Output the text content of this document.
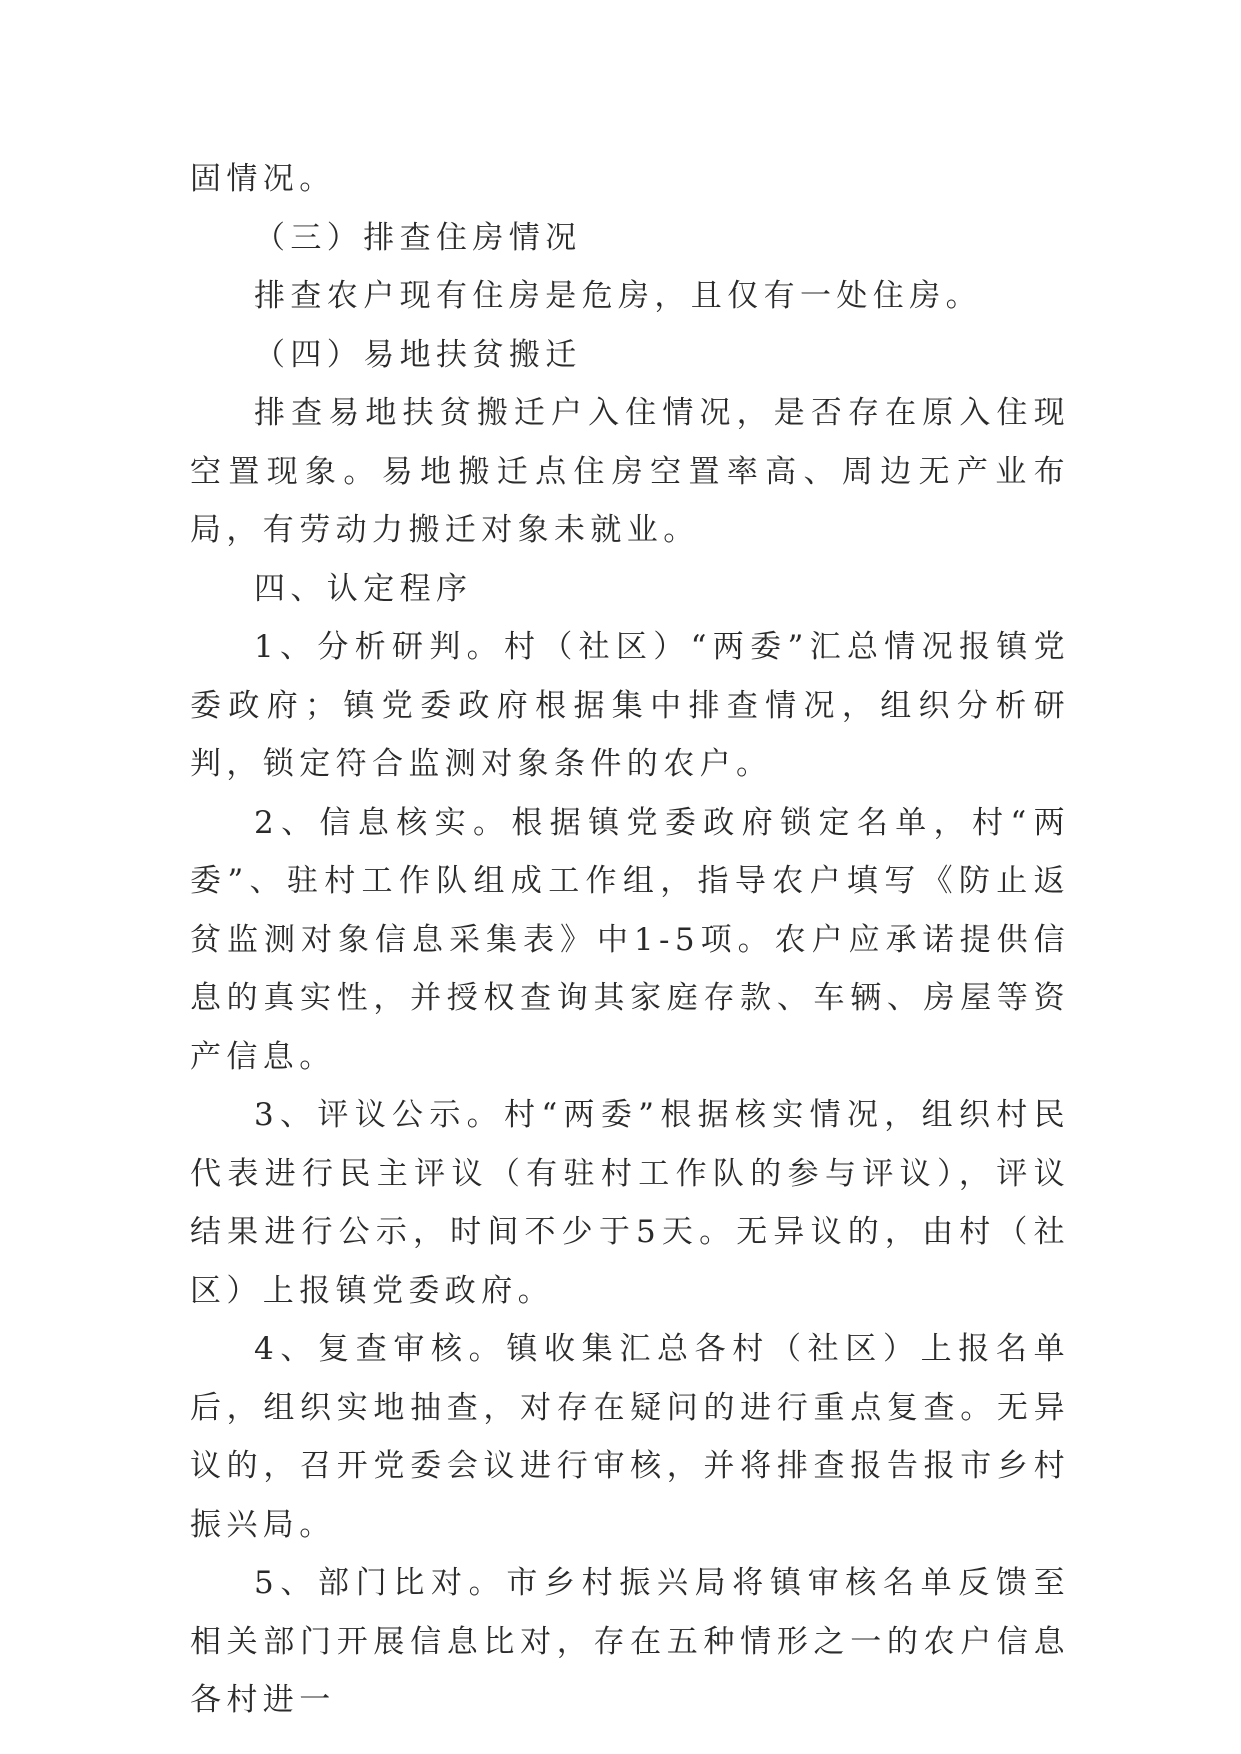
固情况。

（三）排查住房情况

排查农户现有住房是危房，且仅有一处住房。

（四）易地扶贫搬迁

排查易地扶贫搬迁户入住情况，是否存在原入住现空置现象。易地搬迁点住房空置率高、周边无产业布局，有劳动力搬迁对象未就业。

四、认定程序

1、分析研判。村（社区）“两委”汇总情况报镇党委政府；镇党委政府根据集中排查情况，组织分析研判，锁定符合监测对象条件的农户。

2、信息核实。根据镇党委政府锁定名单，村“两委”、驻村工作队组成工作组，指导农户填写《防止返贫监测对象信息采集表》中1-5项。农户应承诺提供信息的真实性，并授权查询其家庭存款、车辆、房屋等资产信息。

3、评议公示。村“两委”根据核实情况，组织村民代表进行民主评议（有驻村工作队的参与评议），评议结果进行公示，时间不少于5天。无异议的，由村（社区）上报镇党委政府。

4、复查审核。镇收集汇总各村（社区）上报名单后，组织实地抽查，对存在疑问的进行重点复查。无异议的，召开党委会议进行审核，并将排查报告报市乡村振兴局。

5、部门比对。市乡村振兴局将镇审核名单反馈至相关部门开展信息比对，存在五种情形之一的农户信息各村进一
